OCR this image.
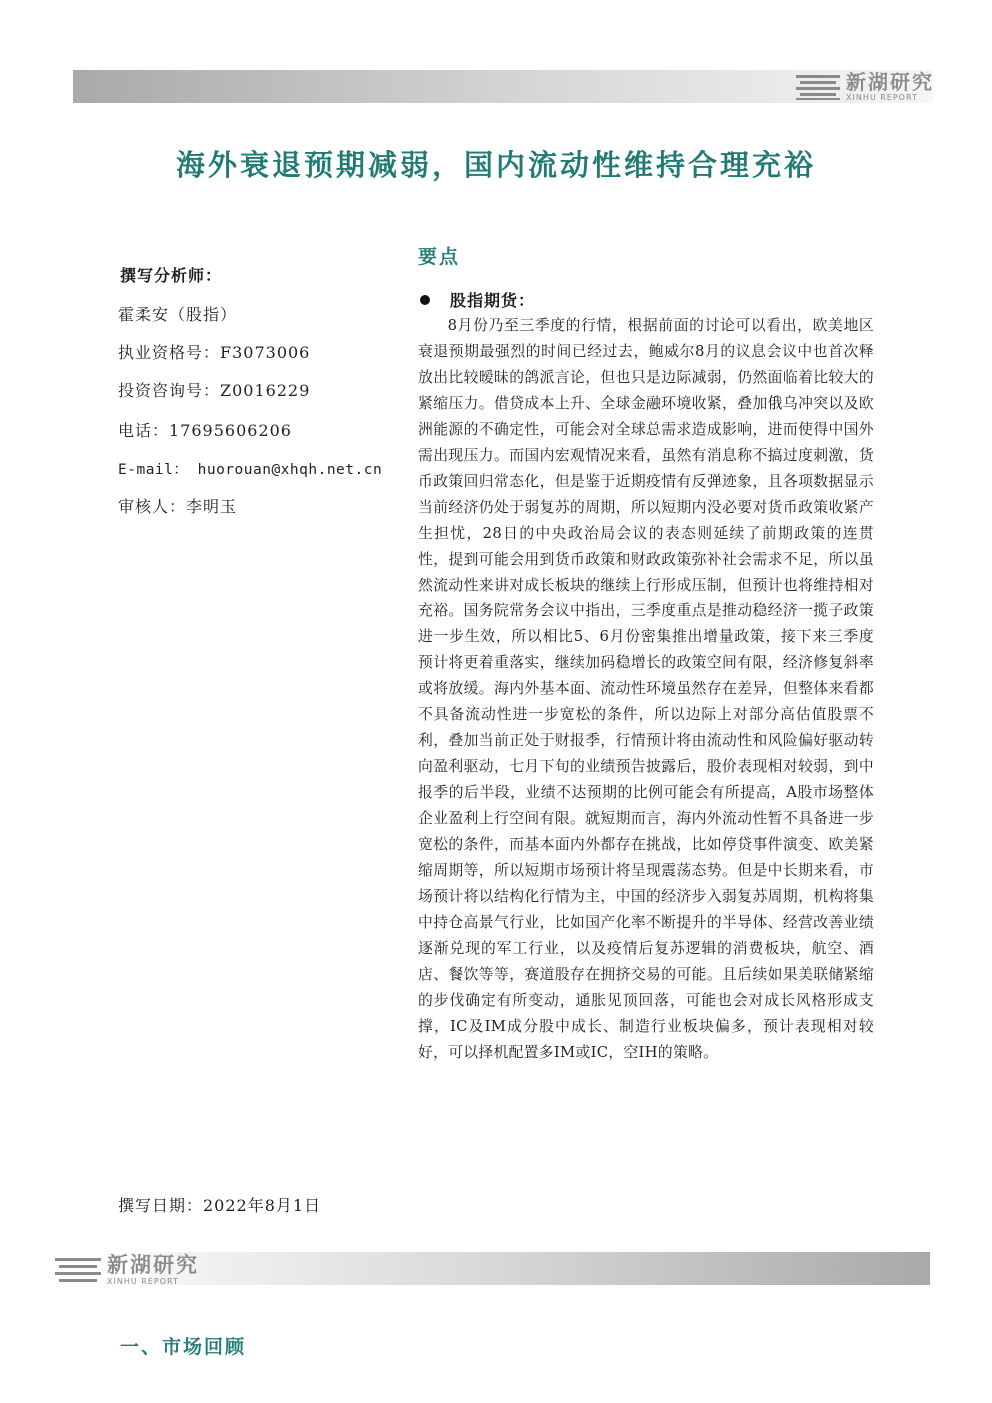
新湖研究
XINHU REPORT
海外衰退预期减弱，国内流动性维持合理充裕
撰写分析师：
霍柔安（股指）
执业资格号：F3073006
投资咨询号：Z0016229
电话：17695606206
E-mail： huorouan@xhqh.net.cn
审核人：李明玉
要点
股指期货：

8月份乃至三季度的行情，根据前面的讨论可以看出，欧美地区衰退预期最强烈的时间已经过去，鲍威尔8月的议息会议中也首次释放出比较暧昧的鸽派言论，但也只是边际减弱，仍然面临着比较大的紧缩压力。借贷成本上升、全球金融环境收紧，叠加俄乌冲突以及欧洲能源的不确定性，可能会对全球总需求造成影响，进而使得中国外需出现压力。而国内宏观情况来看，虽然有消息称不搞过度刺激，货币政策回归常态化，但是鉴于近期疫情有反弹迹象，且各项数据显示当前经济仍处于弱复苏的周期，所以短期内没必要对货币政策收紧产生担忧，28日的中央政治局会议的表态则延续了前期政策的连贯性，提到可能会用到货币政策和财政政策弥补社会需求不足，所以虽然流动性来讲对成长板块的继续上行形成压制，但预计也将维持相对充裕。国务院常务会议中指出，三季度重点是推动稳经济一揽子政策进一步生效，所以相比5、6月份密集推出增量政策，接下来三季度预计将更着重落实，继续加码稳增长的政策空间有限，经济修复斜率或将放缓。海内外基本面、流动性环境虽然存在差异，但整体来看都不具备流动性进一步宽松的条件，所以边际上对部分高估值股票不利，叠加当前正处于财报季，行情预计将由流动性和风险偏好驱动转向盈利驱动，七月下旬的业绩预告披露后，股价表现相对较弱，到中报季的后半段，业绩不达预期的比例可能会有所提高，A股市场整体企业盈利上行空间有限。就短期而言，海内外流动性暂不具备进一步宽松的条件，而基本面内外都存在挑战，比如停贷事件演变、欧美紧缩周期等，所以短期市场预计将呈现震荡态势。但是中长期来看，市场预计将以结构化行情为主，中国的经济步入弱复苏周期，机构将集中持仓高景气行业，比如国产化率不断提升的半导体、经营改善业绩逐渐兑现的军工行业，以及疫情后复苏逻辑的消费板块，航空、酒店、餐饮等等，赛道股存在拥挤交易的可能。且后续如果美联储紧缩的步伐确定有所变动，通胀见顶回落，可能也会对成长风格形成支撑，IC及IM成分股中成长、制造行业板块偏多，预计表现相对较好，可以择机配置多IM或IC，空IH的策略。

撰写日期：2022年8月1日
新湖研究
XINHU REPORT
一、市场回顾
